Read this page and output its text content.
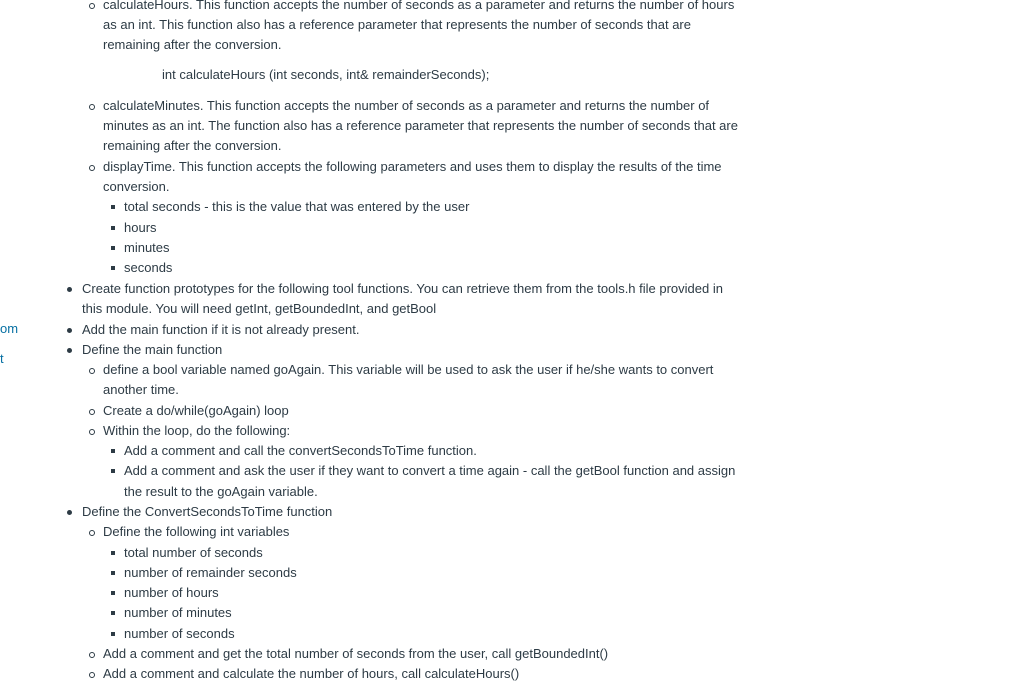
om
t
calculateHours. This function accepts the number of seconds as a parameter and returns the number of hours
as an int. This function also has a reference parameter that represents the number of seconds that are
remaining after the conversion.
int calculateHours (int seconds, int& remainderSeconds);
calculateMinutes. This function accepts the number of seconds as a parameter and returns the number of
minutes as an int. The function also has a reference parameter that represents the number of seconds that are
remaining after the conversion.
displayTime. This function accepts the following parameters and uses them to display the results of the time
conversion.
total seconds - this is the value that was entered by the user
hours
minutes
seconds
Create function prototypes for the following tool functions. You can retrieve them from the tools.h file provided in
this module. You will need getInt, getBoundedInt, and getBool
Add the main function if it is not already present.
Define the main function
define a bool variable named goAgain. This variable will be used to ask the user if he/she wants to convert
another time.
Create a do/while(goAgain) loop
Within the loop, do the following:
Add a comment and call the convertSecondsToTime function.
Add a comment and ask the user if they want to convert a time again - call the getBool function and assign
the result to the goAgain variable.
Define the ConvertSecondsToTime function
Define the following int variables
total number of seconds
number of remainder seconds
number of hours
number of minutes
number of seconds
Add a comment and get the total number of seconds from the user, call getBoundedInt()
Add a comment and calculate the number of hours, call calculateHours()
